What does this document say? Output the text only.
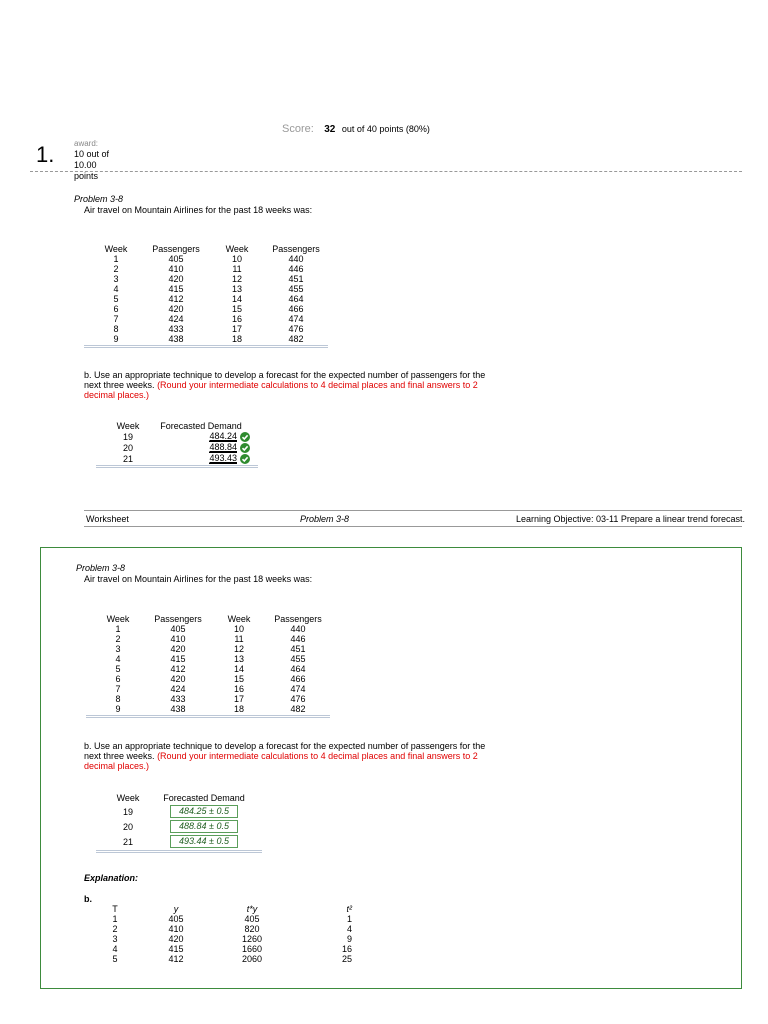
Score: 32 out of 40 points (80%)
1. award:
10 out of
10.00
points
Problem 3-8
Air travel on Mountain Airlines for the past 18 weeks was:
Week	Passengers	Week	Passengers
1	405	10	440
2	410	11	446
3	420	12	451
4	415	13	455
5	412	14	464
6	420	15	466
7	424	16	474
8	433	17	476
9	438	18	482
b. Use an appropriate technique to develop a forecast for the expected number of passengers for the next three weeks. (Round your intermediate calculations to 4 decimal places and final answers to 2 decimal places.)
Week	Forecasted Demand
19	484.24

20	488.84

21	493.43
Worksheet	Problem 3-8	Learning Objective: 03-11 Prepare a linear trend forecast.
Problem 3-8
Air travel on Mountain Airlines for the past 18 weeks was:
Week	Passengers	Week	Passengers
1	405	10	440
2	410	11	446
3	420	12	451
4	415	13	455
5	412	14	464
6	420	15	466
7	424	16	474
8	433	17	476
9	438	18	482
b. Use an appropriate technique to develop a forecast for the expected number of passengers for the next three weeks. (Round your intermediate calculations to 4 decimal places and final answers to 2 decimal places.)
Week	Forecasted Demand
19	484.25 ± 0.5
20	488.84 ± 0.5
21	493.44 ± 0.5
Explanation:
b.
T	y	t*y	t²
1	405	405	1
2	410	820	4
3	420	1260	9
4	415	1660	16
5	412	2060	25
